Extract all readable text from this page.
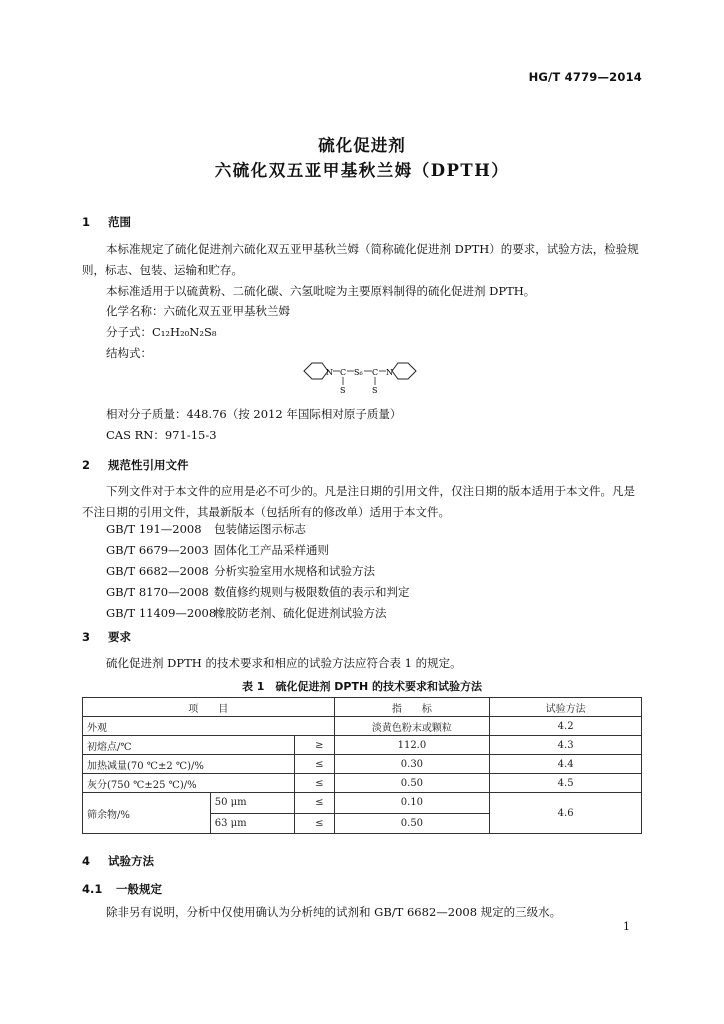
HG/T 4779—2014
硫化促进剂
六硫化双五亚甲基秋兰姆（DPTH）
1 范围

本标准规定了硫化促进剂六硫化双五亚甲基秋兰姆（简称硫化促进剂 DPTH）的要求，试验方法，检验规则，标志、包装、运输和贮存。

本标准适用于以硫黄粉、二硫化碳、六氢吡啶为主要原料制得的硫化促进剂 DPTH。

化学名称：六硫化双五亚甲基秋兰姆
分子式：C₁₂H₂₀N₂S₈
结构式：
N C
S
S₆ C
S
N
相对分子质量：448.76（按 2012 年国际相对原子质量）
CAS RN：971-15-3
2 规范性引用文件

下列文件对于本文件的应用是必不可少的。凡是注日期的引用文件，仅注日期的版本适用于本文件。凡是不注日期的引用文件，其最新版本（包括所有的修改单）适用于本文件。

GB/T 191—2008 包装储运图示标志
GB/T 6679—2003 固体化工产品采样通则
GB/T 6682—2008 分析实验室用水规格和试验方法
GB/T 8170—2008 数值修约规则与极限数值的表示和判定
GB/T 11409—2008橡胶防老剂、硫化促进剂试验方法
3 要求
硫化促进剂 DPTH 的技术要求和相应的试验方法应符合表 1 的规定。
表 1　硫化促进剂 DPTH 的技术要求和试验方法
项　　目			指　　标	试验方法
外观			淡黄色粉末或颗粒	4.2
初熔点/℃		≥	112.0	4.3
加热减量(70 ℃±2 ℃)/%		≤	0.30	4.4
灰分(750 ℃±25 ℃)/%		≤	0.50	4.5
筛余物/%	50 μm	≤	0.10	4.6
	63 μm	≤	0.50	
4 试验方法
4.1 一般规定
除非另有说明，分析中仅使用确认为分析纯的试剂和 GB/T 6682—2008 规定的三级水。
1
